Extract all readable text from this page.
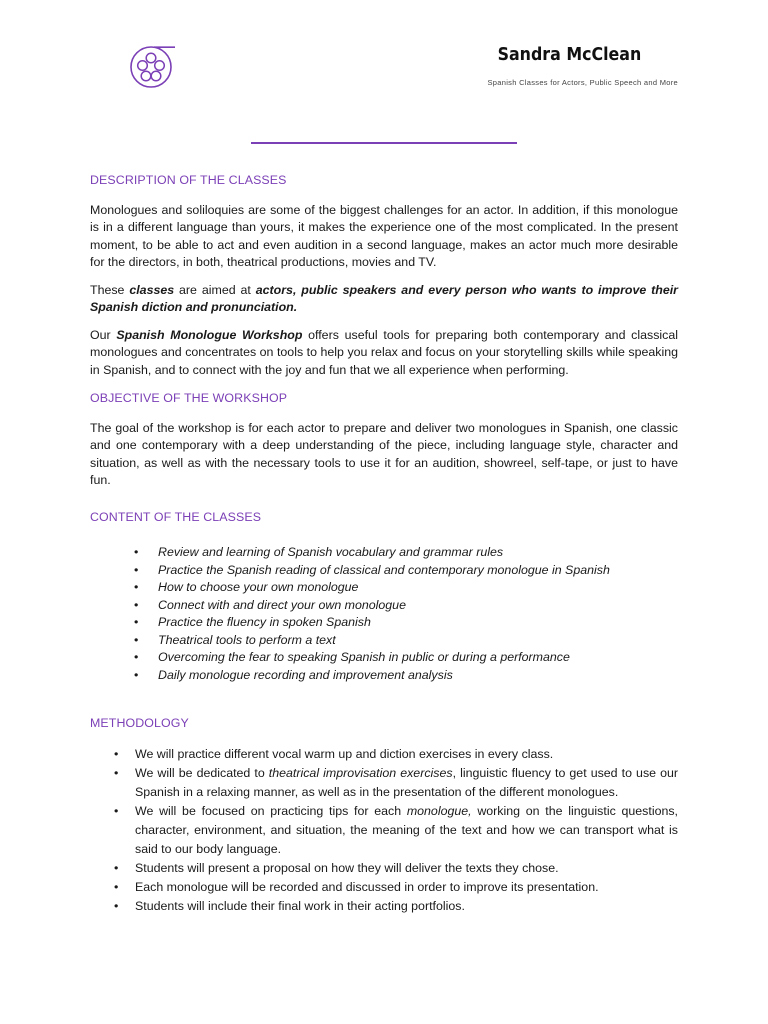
Sandra McClean
Spanish Classes for Actors, Public Speech and More
DESCRIPTION OF THE CLASSES

Monologues and soliloquies are some of the biggest challenges for an actor. In addition, if this monologue is in a different language than yours, it makes the experience one of the most complicated. In the present moment, to be able to act and even audition in a second language, makes an actor much more desirable for the directors, in both, theatrical productions, movies and TV.

These classes are aimed at actors, public speakers and every person who wants to improve their Spanish diction and pronunciation.

Our Spanish Monologue Workshop offers useful tools for preparing both contemporary and classical monologues and concentrates on tools to help you relax and focus on your storytelling skills while speaking in Spanish, and to connect with the joy and fun that we all experience when performing.

OBJECTIVE OF THE WORKSHOP

The goal of the workshop is for each actor to prepare and deliver two monologues in Spanish, one classic and one contemporary with a deep understanding of the piece, including language style, character and situation, as well as with the necessary tools to use it for an audition, showreel, self-tape, or just to have fun.

CONTENT OF THE CLASSES
• Review and learning of Spanish vocabulary and grammar rules
• Practice the Spanish reading of classical and contemporary monologue in Spanish
• How to choose your own monologue
• Connect with and direct your own monologue
• Practice the fluency in spoken Spanish
• Theatrical tools to perform a text
• Overcoming the fear to speaking Spanish in public or during a performance
• Daily monologue recording and improvement analysis
METHODOLOGY
• We will practice different vocal warm up and diction exercises in every class.
• We will be dedicated to theatrical improvisation exercises, linguistic fluency to get used to use our Spanish in a relaxing manner, as well as in the presentation of the different monologues.
• We will be focused on practicing tips for each monologue, working on the linguistic questions, character, environment, and situation, the meaning of the text and how we can transport what is said to our body language.
• Students will present a proposal on how they will deliver the texts they chose.
• Each monologue will be recorded and discussed in order to improve its presentation.
• Students will include their final work in their acting portfolios.
